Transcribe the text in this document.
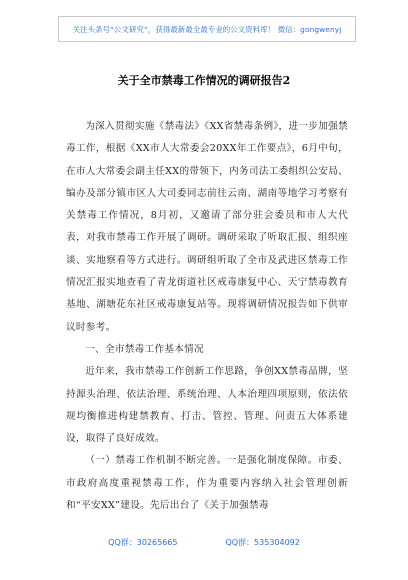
关注头条号“公文研究”，获得最新最全最专业的公文资料库！ 微信：gongwenyj
关于全市禁毒工作情况的调研报告2

为深入贯彻实施《禁毒法》《XX省禁毒条例》，进一步加强禁毒工作，根据《XX市人大常委会20XX年工作要点》，6月中旬，在市人大常委会副主任XX的带领下，内务司法工委组织公安局、编办及部分镇市区人大司委同志前往云南、湖南等地学习考察有关禁毒工作情况，8月初，又邀请了部分驻会委员和市人大代表，对我市禁毒工作开展了调研。调研采取了听取汇报、组织座谈、实地察看等方式进行。调研组听取了全市及武进区禁毒工作情况汇报实地查看了青龙街道社区戒毒康复中心、天宁禁毒教育基地、湖塘花东社区戒毒康复站等。现将调研情况报告如下供审议时参考。

一、全市禁毒工作基本情况

近年来，我市禁毒工作创新工作思路，争创XX禁毒品牌，坚持源头治理、依法治理、系统治理、人本治理四项原则，依法依规均衡推进构建禁教育、打击、管控、管理、问责五大体系建设，取得了良好成效。

（一）禁毒工作机制不断完善。一是强化制度保障。市委、市政府高度重视禁毒工作，作为重要内容纳入社会管理创新和“平安XX”建设。先后出台了《关于加强禁毒

QQ群：30265665	QQ群：535304092
